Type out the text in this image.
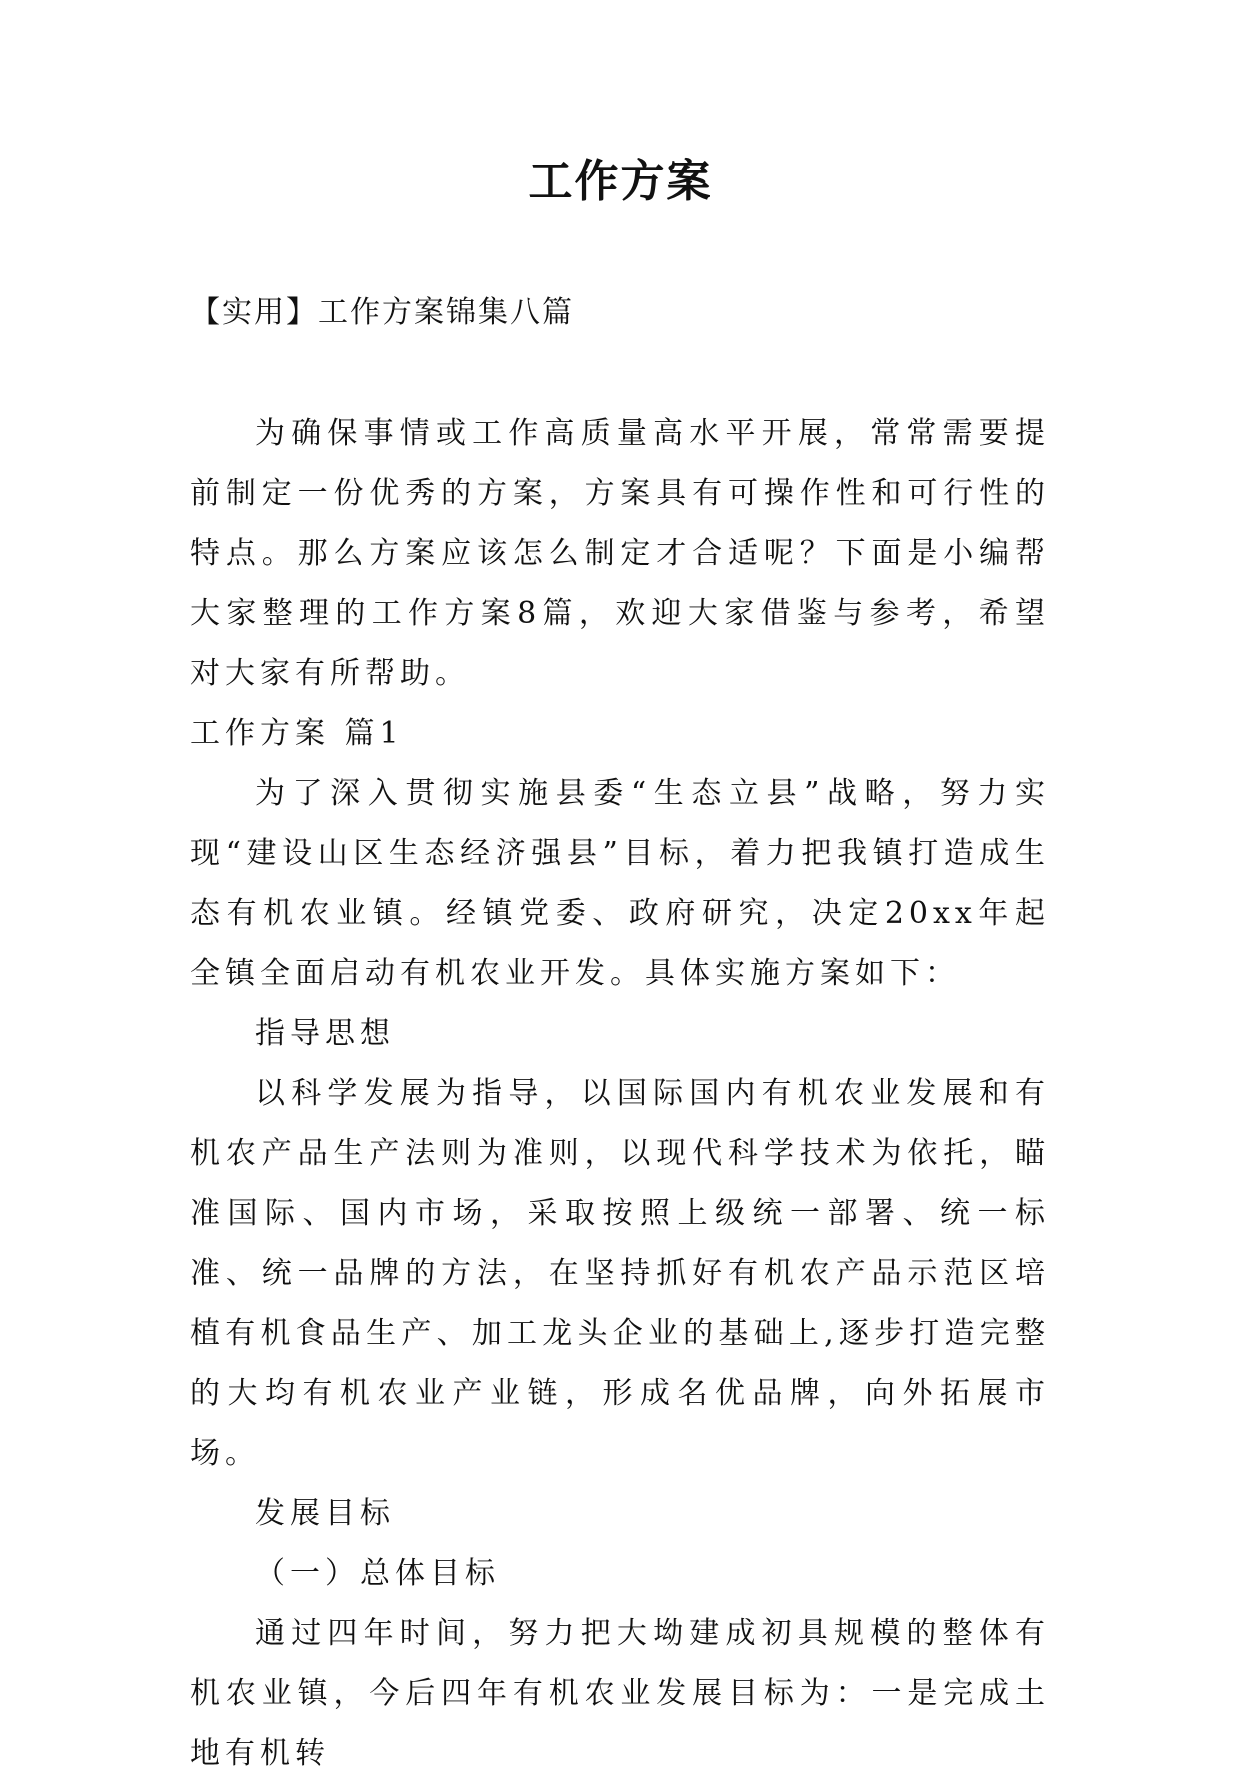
工作方案

【实用】工作方案锦集八篇

为确保事情或工作高质量高水平开展，常常需要提前制定一份优秀的方案，方案具有可操作性和可行性的特点。那么方案应该怎么制定才合适呢？下面是小编帮大家整理的工作方案8篇，欢迎大家借鉴与参考，希望对大家有所帮助。

工作方案 篇1

为了深入贯彻实施县委“生态立县”战略，努力实现“建设山区生态经济强县”目标，着力把我镇打造成生态有机农业镇。经镇党委、政府研究，决定20xx年起全镇全面启动有机农业开发。具体实施方案如下：

指导思想

以科学发展为指导，以国际国内有机农业发展和有机农产品生产法则为准则，以现代科学技术为依托，瞄准国际、国内市场，采取按照上级统一部署、统一标准、统一品牌的方法，在坚持抓好有机农产品示范区培植有机食品生产、加工龙头企业的基础上,逐步打造完整的大均有机农业产业链，形成名优品牌，向外拓展市场。

发展目标

（一）总体目标

通过四年时间，努力把大坳建成初具规模的整体有机农业镇，今后四年有机农业发展目标为：一是完成土地有机转
